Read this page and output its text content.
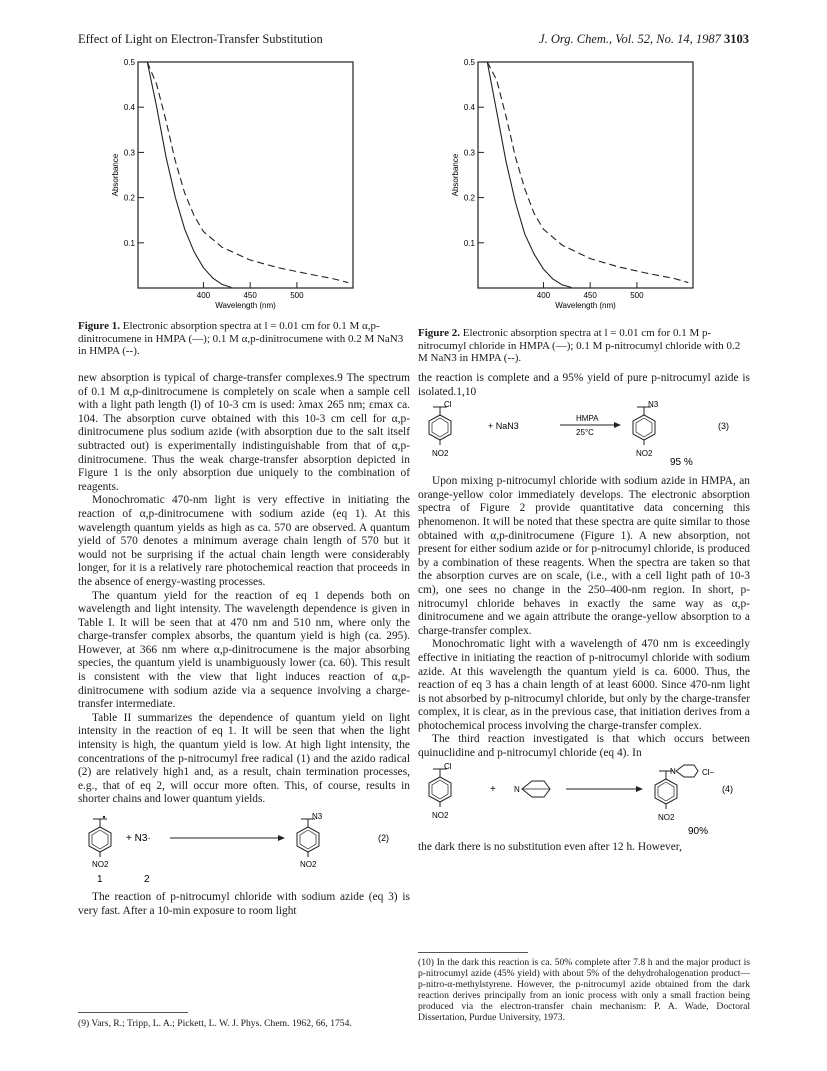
Effect of Light on Electron-Transfer Substitution	J. Org. Chem., Vol. 52, No. 14, 1987 3103
0.1
0.2
0.3
0.4
0.5
400	450	500
Wavelength (nm)
Absorbance
Figure 1. Electronic absorption spectra at l = 0.01 cm for 0.1 M α,p-dinitrocumene in HMPA (—); 0.1 M α,p-dinitrocumene with 0.2 M NaN3 in HMPA (--).
0.1
0.2
0.3
0.4
0.5
400	450	500
Wavelength (nm)
Absorbance
Figure 2. Electronic absorption spectra at l = 0.01 cm for 0.1 M p-nitrocumyl chloride in HMPA (—); 0.1 M p-nitrocumyl chloride with 0.2 M NaN3 in HMPA (--).

new absorption is typical of charge-transfer complexes.9 The spectrum of 0.1 M α,p-dinitrocumene is completely on scale when a sample cell with a light path length (l) of 10-3 cm is used: λmax 265 nm; εmax ca. 104. The absorption curve obtained with this 10-3 cm cell for α,p-dinitrocumene plus sodium azide (with absorption due to the salt itself subtracted out) is experimentally indistinguishable from that of α,p-dinitrocumene. Thus the weak charge-transfer absorption depicted in Figure 1 is the only absorption due uniquely to the combination of reagents.

Monochromatic 470-nm light is very effective in initiating the reaction of α,p-dinitrocumene with sodium azide (eq 1). At this wavelength quantum yields as high as ca. 570 are observed. A quantum yield of 570 denotes a minimum average chain length of 570 but it would not be surprising if the actual chain length were considerably longer, for it is a relatively rare photochemical reaction that proceeds in the absence of energy-wasting processes.

The quantum yield for the reaction of eq 1 depends both on wavelength and light intensity. The wavelength dependence is given in Table I. It will be seen that at 470 nm and 510 nm, where only the charge-transfer complex absorbs, the quantum yield is high (ca. 295). However, at 366 nm where α,p-dinitrocumene is the major absorbing species, the quantum yield is unambiguously lower (ca. 60). This result is consistent with the view that light induces reaction of α,p-dinitrocumene with sodium azide via a sequence involving a charge-transfer intermediate.

Table II summarizes the dependence of quantum yield on light intensity in the reaction of eq 1. It will be seen that when the light intensity is high, the quantum yield is low. At high light intensity, the concentrations of the p-nitrocumyl free radical (1) and the azido radical (2) are relatively high1 and, as a result, chain termination processes, e.g., that of eq 2, will occur more often. This, of course, results in shorter chains and lower quantum yields.

NO2
+ N3·
N3
NO2
(2)
1	2

The reaction of p-nitrocumyl chloride with sodium azide (eq 3) is very fast. After a 10-min exposure to room light

(9) Vars, R.; Tripp, L. A.; Pickett, L. W. J. Phys. Chem. 1962, 66, 1754.

the reaction is complete and a 95% yield of pure p-nitrocumyl azide is isolated.1,10

Cl
NO2
+ NaN3
HMPA
25°C
N3
NO2
(3)
95 %

Upon mixing p-nitrocumyl chloride with sodium azide in HMPA, an orange-yellow color immediately develops. The electronic absorption spectra of Figure 2 provide quantitative data concerning this phenomenon. It will be noted that these spectra are quite similar to those obtained with α,p-dinitrocumene (Figure 1). A new absorption, not present for either sodium azide or for p-nitrocumyl chloride, is produced by a combination of these reagents. When the spectra are taken so that the absorption curves are on scale, (i.e., with a cell light path of 10-3 cm), one sees no change in the 250–400-nm region. In short, p-nitrocumyl chloride behaves in exactly the same way as α,p-dinitrocumene and we again attribute the orange-yellow absorption to a charge-transfer complex.

Monochromatic light with a wavelength of 470 nm is exceedingly effective in initiating the reaction of p-nitrocumyl chloride with sodium azide. At this wavelength the quantum yield is ca. 6000. Thus, the reaction of eq 3 has a chain length of at least 6000. Since 470-nm light is not absorbed by p-nitrocumyl chloride, but only by the charge-transfer complex, it is clear, as in the previous case, that initiation derives from a photochemical process involving the charge-transfer complex.

The third reaction investigated is that which occurs between quinuclidine and p-nitrocumyl chloride (eq 4). In

Cl
NO2
+ N
N	Cl−
NO2
(4)
90%

the dark there is no substitution even after 12 h. However,

(10) In the dark this reaction is ca. 50% complete after 7.8 h and the major product is p-nitrocumyl azide (45% yield) with about 5% of the dehydrohalogenation product—p-nitro-α-methylstyrene. However, the p-nitrocumyl azide obtained from the dark reaction derives principally from an ionic process with only a small fraction being produced via the electron-transfer chain mechanism: P. A. Wade, Doctoral Dissertation, Purdue University, 1973.
